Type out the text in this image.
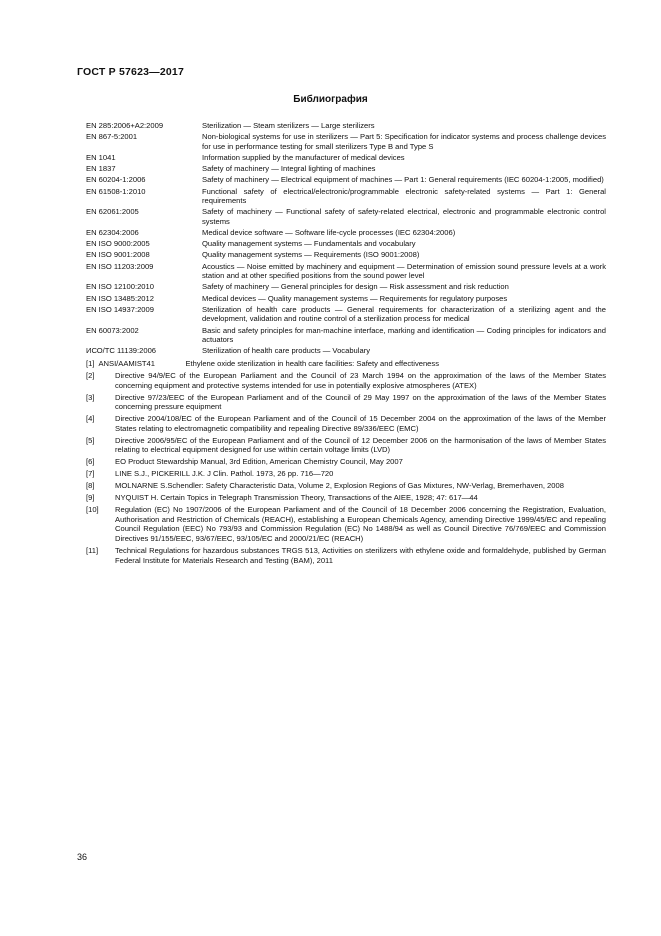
ГОСТ Р 57623—2017
Библиография
EN 285:2006+A2:2009	Sterilization — Steam sterilizers — Large sterilizers
EN 867-5:2001	Non-biological systems for use in sterilizers — Part 5: Specification for indicator systems and process challenge devices for use in performance testing for small sterilizers Type B and Type S
EN 1041	Information supplied by the manufacturer of medical devices
EN 1837	Safety of machinery — Integral lighting of machines
EN 60204-1:2006	Safety of machinery — Electrical equipment of machines — Part 1: General requirements (IEC 60204-1:2005, modified)
EN 61508-1:2010	Functional safety of electrical/electronic/programmable electronic safety-related systems — Part 1: General requirements
EN 62061:2005	Safety of machinery — Functional safety of safety-related electrical, electronic and programmable electronic control systems
EN 62304:2006	Medical device software — Software life-cycle processes (IEC 62304:2006)
EN ISO 9000:2005	Quality management systems — Fundamentals and vocabulary
EN ISO 9001:2008	Quality management systems — Requirements (ISO 9001:2008)
EN ISO 11203:2009	Acoustics — Noise emitted by machinery and equipment — Determination of emission sound pressure levels at a work station and at other specified positions from the sound power level
EN ISO 12100:2010	Safety of machinery — General principles for design — Risk assessment and risk reduction
EN ISO 13485:2012	Medical devices — Quality management systems — Requirements for regulatory purposes
EN ISO 14937:2009	Sterilization of health care products — General requirements for characterization of a sterilizing agent and the development, validation and routine control of a sterilization process for medical
EN 60073:2002	Basic and safety principles for man-machine interface, marking and identification — Coding principles for indicators and actuators
ИСО/ТС 11139:2006	Sterilization of health care products — Vocabulary
[1] ANSI/AAMIST41	Ethylene oxide sterilization in health care facilities: Safety and effectiveness
[2]	Directive 94/9/EC of the European Parliament and the Council of 23 March 1994 on the approximation of the laws of the Member States concerning equipment and protective systems intended for use in potentially explosive atmospheres (ATEX)
[3]	Directive 97/23/EEC of the European Parliament and of the Council of 29 May 1997 on the approximation of the laws of the Member States concerning pressure equipment
[4]	Directive 2004/108/EC of the European Parliament and of the Council of 15 December 2004 on the approximation of the laws of the Member States relating to electromagnetic compatibility and repealing Directive 89/336/EEC (EMC)
[5]	Directive 2006/95/EC of the European Parliament and of the Council of 12 December 2006 on the harmonisation of the laws of Member States relating to electrical equipment designed for use within certain voltage limits (LVD)
[6]	EO Product Stewardship Manual, 3rd Edition, American Chemistry Council, May 2007
[7]	LINE S.J., PICKERILL J.K. J Clin. Pathol. 1973, 26 pp. 716—720
[8]	MOLNARNE S.Schendler: Safety Characteristic Data, Volume 2, Explosion Regions of Gas Mixtures, NW-Verlag, Bremerhaven, 2008
[9]	NYQUIST H. Certain Topics in Telegraph Transmission Theory, Transactions of the AIEE, 1928; 47: 617—44
[10]	Regulation (EC) No 1907/2006 of the European Parliament and of the Council of 18 December 2006 concerning the Registration, Evaluation, Authorisation and Restriction of Chemicals (REACH), establishing a European Chemicals Agency, amending Directive 1999/45/EC and repealing Council Regulation (EEC) No 793/93 and Commission Regulation (EC) No 1488/94 as well as Council Directive 76/769/EEC and Commission Directives 91/155/EEC, 93/67/EEC, 93/105/EC and 2000/21/EC (REACH)
[11]	Technical Regulations for hazardous substances TRGS 513, Activities on sterilizers with ethylene oxide and formaldehyde, published by German Federal Institute for Materials Research and Testing (BAM), 2011
36
